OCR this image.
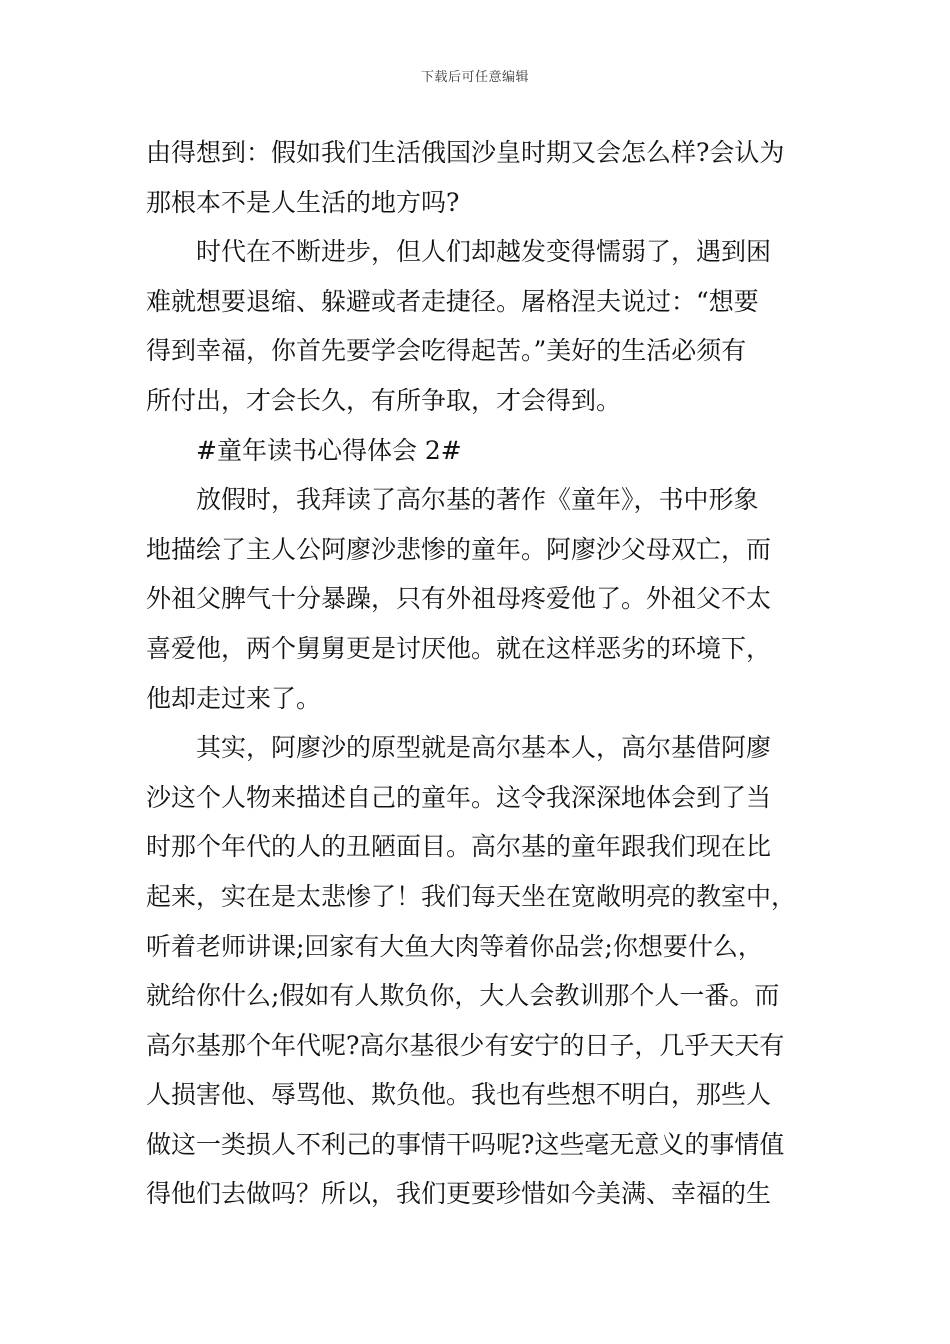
下载后可任意编辑
由得想到：假如我们生活俄国沙皇时期又会怎么样?会认为
那根本不是人生活的地方吗?
时代在不断进步，但人们却越发变得懦弱了，遇到困
难就想要退缩、躲避或者走捷径。屠格涅夫说过：“想要
得到幸福，你首先要学会吃得起苦。”美好的生活必须有
所付出，才会长久，有所争取，才会得到。
#童年读书心得体会 2#
放假时，我拜读了高尔基的著作《童年》，书中形象
地描绘了主人公阿廖沙悲惨的童年。阿廖沙父母双亡，而
外祖父脾气十分暴躁，只有外祖母疼爱他了。外祖父不太
喜爱他，两个舅舅更是讨厌他。就在这样恶劣的环境下，
他却走过来了。
其实，阿廖沙的原型就是高尔基本人，高尔基借阿廖
沙这个人物来描述自己的童年。这令我深深地体会到了当
时那个年代的人的丑陋面目。高尔基的童年跟我们现在比
起来，实在是太悲惨了！我们每天坐在宽敞明亮的教室中，
听着老师讲课;回家有大鱼大肉等着你品尝;你想要什么，
就给你什么;假如有人欺负你，大人会教训那个人一番。而
高尔基那个年代呢?高尔基很少有安宁的日子，几乎天天有
人损害他、辱骂他、欺负他。我也有些想不明白，那些人
做这一类损人不利己的事情干吗呢?这些毫无意义的事情值
得他们去做吗？所以，我们更要珍惜如今美满、幸福的生
